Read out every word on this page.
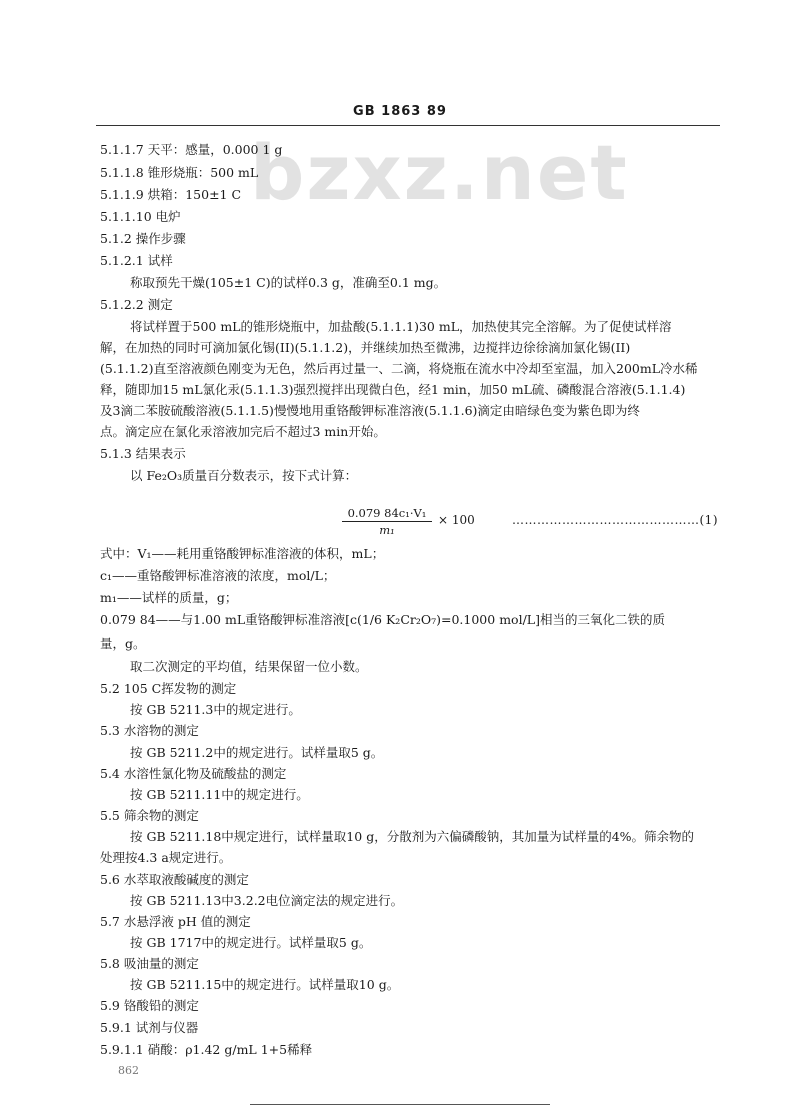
bzxz.net
GB 1863 89
5.1.1.7 天平：感量，0.000 1 g
5.1.1.8 锥形烧瓶：500 mL
5.1.1.9 烘箱：150±1 C
5.1.1.10 电炉
5.1.2 操作步骤
5.1.2.1 试样
称取预先干燥(105±1 C)的试样0.3 g，准确至0.1 mg。
5.1.2.2 测定
将试样置于500 mL的锥形烧瓶中，加盐酸(5.1.1.1)30 mL，加热使其完全溶解。为了促使试样溶
解，在加热的同时可滴加氯化锡(II)(5.1.1.2)，并继续加热至微沸，边搅拌边徐徐滴加氯化锡(II)
(5.1.1.2)直至溶液颜色刚变为无色，然后再过量一、二滴，将烧瓶在流水中冷却至室温，加入200mL冷水稀
释，随即加15 mL氯化汞(5.1.1.3)强烈搅拌出现微白色，经1 min，加50 mL硫、磷酸混合溶液(5.1.1.4)
及3滴二苯胺硫酸溶液(5.1.1.5)慢慢地用重铬酸钾标准溶液(5.1.1.6)滴定由暗绿色变为紫色即为终
点。滴定应在氯化汞溶液加完后不超过3 min开始。
5.1.3 结果表示
以 Fe₂O₃质量百分数表示，按下式计算：
式中：V₁——耗用重铬酸钾标准溶液的体积，mL；
c₁——重铬酸钾标准溶液的浓度，mol/L；
m₁——试样的质量，g；
0.079 84——与1.00 mL重铬酸钾标准溶液[c(1/6 K₂Cr₂O₇)=0.1000 mol/L]相当的三氧化二铁的质
量，g。
取二次测定的平均值，结果保留一位小数。
5.2 105 C挥发物的测定
按 GB 5211.3中的规定进行。
5.3 水溶物的测定
按 GB 5211.2中的规定进行。试样量取5 g。
5.4 水溶性氯化物及硫酸盐的测定
按 GB 5211.11中的规定进行。
5.5 筛余物的测定
按 GB 5211.18中规定进行，试样量取10 g，分散剂为六偏磷酸钠，其加量为试样量的4%。筛余物的
处理按4.3 a规定进行。
5.6 水萃取液酸碱度的测定
按 GB 5211.13中3.2.2电位滴定法的规定进行。
5.7 水悬浮液 pH 值的测定
按 GB 1717中的规定进行。试样量取5 g。
5.8 吸油量的测定
按 GB 5211.15中的规定进行。试样量取10 g。
5.9 铬酸铅的测定
5.9.1 试剂与仪器
5.9.1.1 硝酸：ρ1.42 g/mL 1+5稀释
$\frac{\text{0.079 84c₁·V₁}}{\text{m₁}} \times 100$	………………………………………(1)
862
